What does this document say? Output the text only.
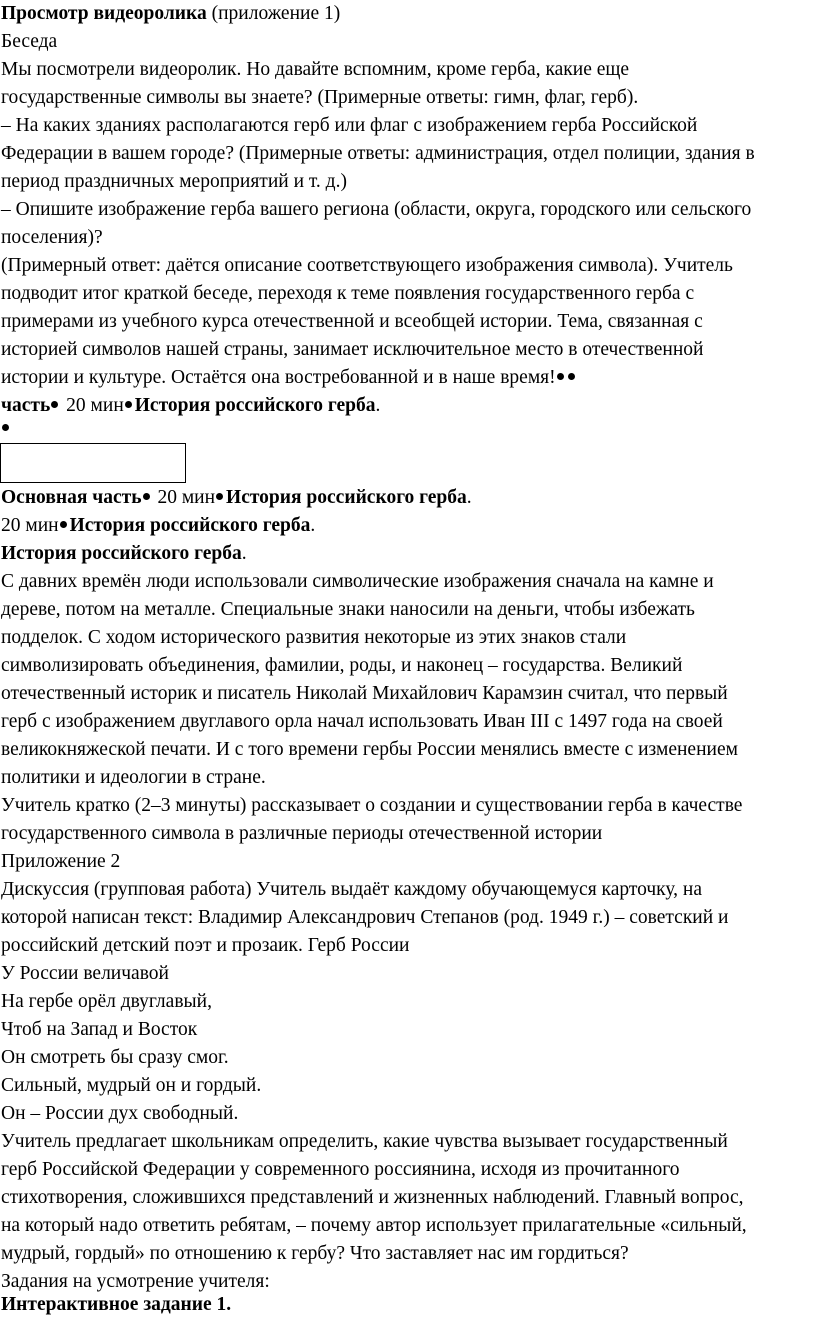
Просмотр видеоролика (приложение 1)
Беседа
Мы посмотрели видеоролик. Но давайте вспомним, кроме герба, какие еще
государственные символы вы знаете? (Примерные ответы: гимн, флаг, герб).
– На каких зданиях располагаются герб или флаг с изображением герба Российской
Федерации в вашем городе? (Примерные ответы: администрация, отдел полиции, здания в
период праздничных мероприятий и т. д.)
– Опишите изображение герба вашего региона (области, округа, городского или сельского
поселения)?
(Примерный ответ: даётся описание соответствующего изображения символа). Учитель
подводит итог краткой беседе, переходя к теме появления государственного герба с
примерами из учебного курса отечественной и всеобщей истории. Тема, связанная с
историей символов нашей страны, занимает исключительное место в отечественной
истории и культуре. Остаётся она востребованной и в наше время!
часть 20 мин История российского герба.
Основная часть 20 мин История российского герба.
20 мин История российского герба.
История российского герба.
С давних времён люди использовали символические изображения сначала на камне и
дереве, потом на металле. Специальные знаки наносили на деньги, чтобы избежать
подделок. С ходом исторического развития некоторые из этих знаков стали
символизировать объединения, фамилии, роды, и наконец – государства. Великий
отечественный историк и писатель Николай Михайлович Карамзин считал, что первый
герб с изображением двуглавого орла начал использовать Иван III с 1497 года на своей
великокняжеской печати. И с того времени гербы России менялись вместе с изменением
политики и идеологии в стране.
Учитель кратко (2–3 минуты) рассказывает о создании и существовании герба в качестве
государственного символа в различные периоды отечественной истории
Приложение 2
Дискуссия (групповая работа) Учитель выдаёт каждому обучающемуся карточку, на
которой написан текст: Владимир Александрович Степанов (род. 1949 г.) – советский и
российский детский поэт и прозаик. Герб России
У России величавой
На гербе орёл двуглавый,
Чтоб на Запад и Восток
Он смотреть бы сразу смог.
Сильный, мудрый он и гордый.
Он – России дух свободный.
Учитель предлагает школьникам определить, какие чувства вызывает государственный
герб Российской Федерации у современного россиянина, исходя из прочитанного
стихотворения, сложившихся представлений и жизненных наблюдений. Главный вопрос,
на который надо ответить ребятам, – почему автор использует прилагательные «сильный,
мудрый, гордый» по отношению к гербу? Что заставляет нас им гордиться?
Задания на усмотрение учителя:
Интерактивное задание 1.
